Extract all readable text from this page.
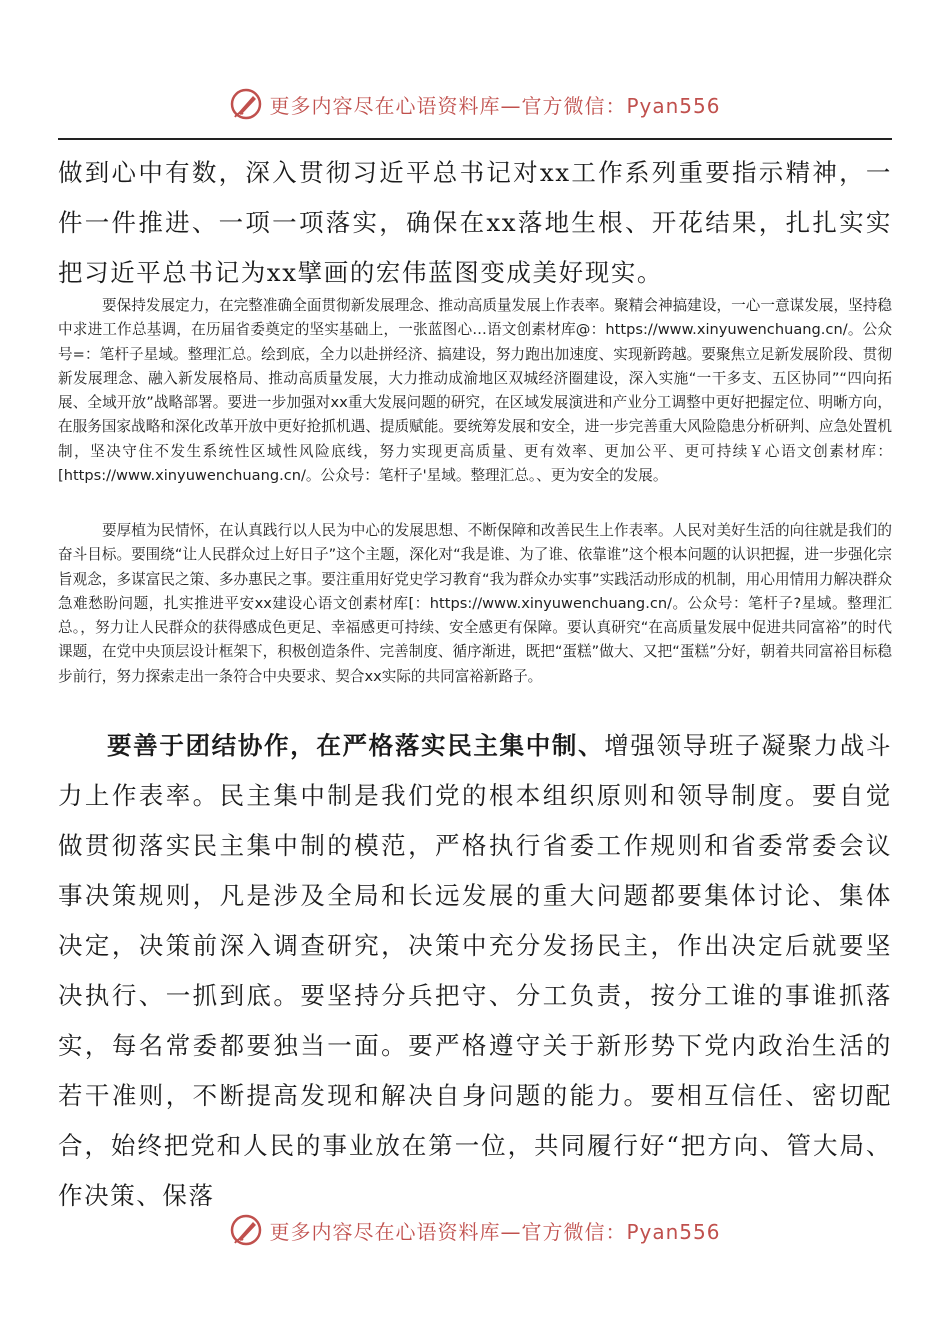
更多内容尽在心语资料库—官方微信：Pyan556

做到心中有数，深入贯彻习近平总书记对xx工作系列重要指示精神，一件一件推进、一项一项落实，确保在xx落地生根、开花结果，扎扎实实把习近平总书记为xx擘画的宏伟蓝图变成美好现实。

要保持发展定力，在完整准确全面贯彻新发展理念、推动高质量发展上作表率。聚精会神搞建设，一心一意谋发展，坚持稳中求进工作总基调，在历届省委奠定的坚实基础上，一张蓝图心…语文创素材库@：https://www.xinyuwenchuang.cn/。公众号=：笔杆子星域。整理汇总。绘到底，全力以赴拼经济、搞建设，努力跑出加速度、实现新跨越。要聚焦立足新发展阶段、贯彻新发展理念、融入新发展格局、推动高质量发展，大力推动成渝地区双城经济圈建设，深入实施“一干多支、五区协同”“四向拓展、全域开放”战略部署。要进一步加强对xx重大发展问题的研究，在区域发展演进和产业分工调整中更好把握定位、明晰方向，在服务国家战略和深化改革开放中更好抢抓机遇、提质赋能。要统筹发展和安全，进一步完善重大风险隐患分析研判、应急处置机制，坚决守住不发生系统性区域性风险底线，努力实现更高质量、更有效率、更加公平、更可持续￥心语文创素材库：[https://www.xinyuwenchuang.cn/。公众号：笔杆子'星域。整理汇总。、更为安全的发展。

要厚植为民情怀，在认真践行以人民为中心的发展思想、不断保障和改善民生上作表率。人民对美好生活的向往就是我们的奋斗目标。要围绕“让人民群众过上好日子”这个主题，深化对“我是谁、为了谁、依靠谁”这个根本问题的认识把握，进一步强化宗旨观念，多谋富民之策、多办惠民之事。要注重用好党史学习教育“我为群众办实事”实践活动形成的机制，用心用情用力解决群众急难愁盼问题，扎实推进平安xx建设心语文创素材库[：https://www.xinyuwenchuang.cn/。公众号：笔杆子?星域。整理汇总。，努力让人民群众的获得感成色更足、幸福感更可持续、安全感更有保障。要认真研究“在高质量发展中促进共同富裕”的时代课题，在党中央顶层设计框架下，积极创造条件、完善制度、循序渐进，既把“蛋糕”做大、又把“蛋糕”分好，朝着共同富裕目标稳步前行，努力探索走出一条符合中央要求、契合xx实际的共同富裕新路子。

要善于团结协作，在严格落实民主集中制、增强领导班子凝聚力战斗力上作表率。民主集中制是我们党的根本组织原则和领导制度。要自觉做贯彻落实民主集中制的模范，严格执行省委工作规则和省委常委会议事决策规则，凡是涉及全局和长远发展的重大问题都要集体讨论、集体决定，决策前深入调查研究，决策中充分发扬民主，作出决定后就要坚决执行、一抓到底。要坚持分兵把守、分工负责，按分工谁的事谁抓落实，每名常委都要独当一面。要严格遵守关于新形势下党内政治生活的若干准则，不断提高发现和解决自身问题的能力。要相互信任、密切配合，始终把党和人民的事业放在第一位，共同履行好“把方向、管大局、作决策、保落

更多内容尽在心语资料库—官方微信：Pyan556
